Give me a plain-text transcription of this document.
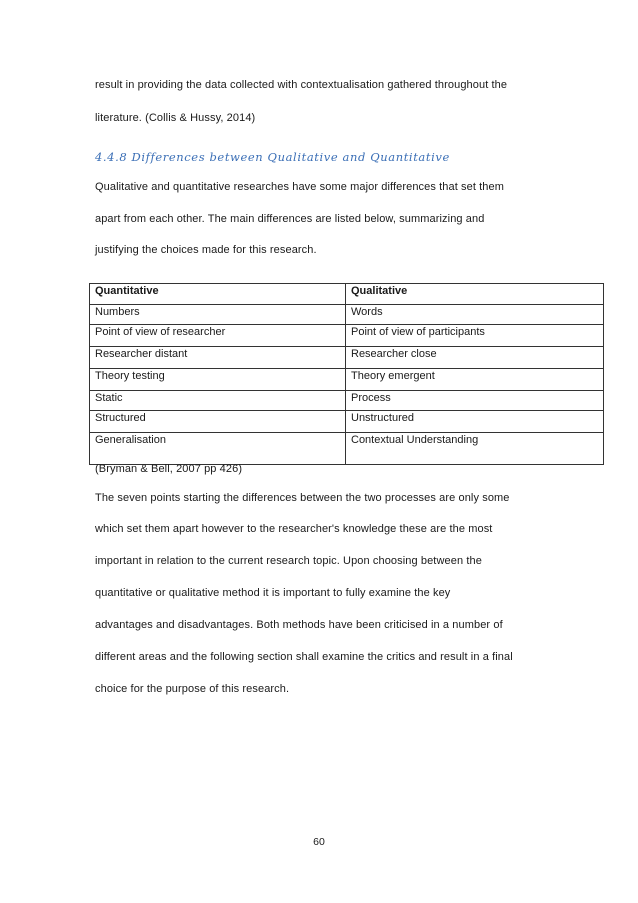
result in providing the data collected with contextualisation gathered throughout the
literature. (Collis & Hussy, 2014)
4.4.8 Differences between Qualitative and Quantitative
Qualitative and quantitative researches have some major differences that set them
apart from each other. The main differences are listed below, summarizing and
justifying the choices made for this research.
Quantitative	Qualitative
Numbers	Words
Point of view of researcher	Point of view of participants
Researcher distant	Researcher close
Theory testing	Theory emergent
Static	Process
Structured	Unstructured
Generalisation	Contextual Understanding
(Bryman & Bell, 2007 pp 426)
The seven points starting the differences between the two processes are only some
which set them apart however to the researcher's knowledge these are the most
important in relation to the current research topic. Upon choosing between the
quantitative or qualitative method it is important to fully examine the key
advantages and disadvantages. Both methods have been criticised in a number of
different areas and the following section shall examine the critics and result in a final
choice for the purpose of this research.
60
